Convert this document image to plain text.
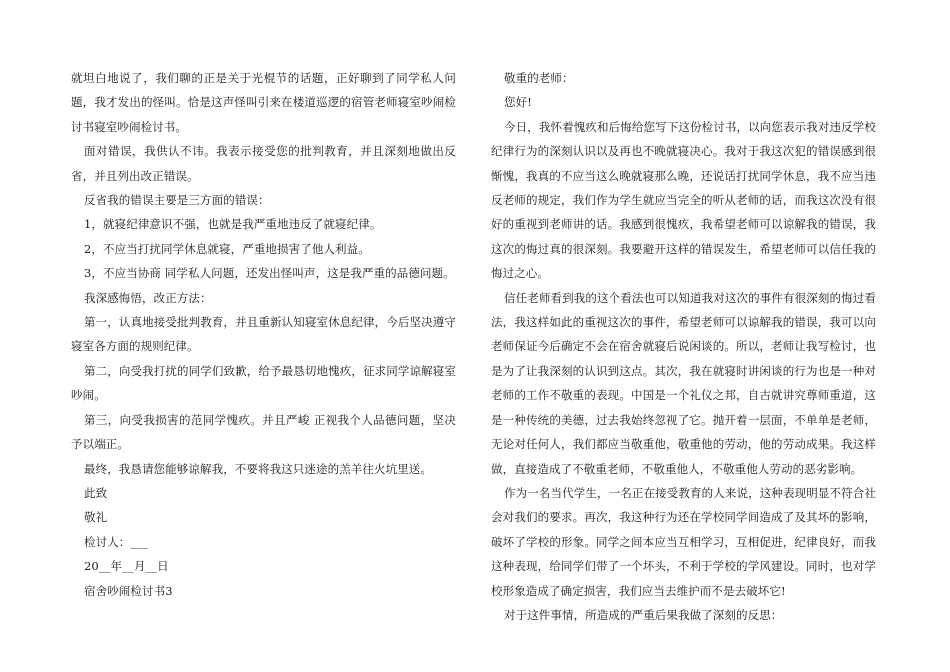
就坦白地说了，我们聊的正是关于光棍节的话题，正好聊到了同学私人问题，我才发出的怪叫。恰是这声怪叫引来在楼道巡逻的宿管老师寝室吵闹检讨书寝室吵闹检讨书。

面对错误，我供认不讳。我表示接受您的批判教育，并且深刻地做出反省，并且列出改正错误。

反省我的错误主要是三方面的错误：

1，就寝纪律意识不强，也就是我严重地违反了就寝纪律。

2，不应当打扰同学休息就寝，严重地损害了他人利益。

3，不应当协商 同学私人问题，还发出怪叫声，这是我严重的品德问题。

我深感悔悟，改正方法：

第一，认真地接受批判教育，并且重新认知寝室休息纪律，今后坚决遵守寝室各方面的规则纪律。

第二，向受我打扰的同学们致歉，给予最恳切地愧疚，征求同学谅解寝室吵闹。

第三，向受我损害的范同学愧疚。并且严峻 正视我个人品德问题，坚决予以端正。

最终，我恳请您能够谅解我，不要将我这只迷途的羔羊往火坑里送。

此致

敬礼

检讨人：___

20__年__月__日

宿舍吵闹检讨书3

敬重的老师：

您好!

今日，我怀着愧疚和后悔给您写下这份检讨书，以向您表示我对违反学校纪律行为的深刻认识以及再也不晚就寝决心。我对于我这次犯的错误感到很惭愧，我真的不应当这么晚就寝那么晚，还说话打扰同学休息，我不应当违反老师的规定，我们作为学生就应当完全的听从老师的话，而我这次没有很好的重视到老师讲的话。我感到很愧疚，我希望老师可以谅解我的错误，我这次的悔过真的很深刻。我要避开这样的错误发生，希望老师可以信任我的悔过之心。

信任老师看到我的这个看法也可以知道我对这次的事件有很深刻的悔过看法，我这样如此的重视这次的事件，希望老师可以谅解我的错误，我可以向老师保证今后确定不会在宿舍就寝后说闲谈的。所以，老师让我写检讨，也是为了让我深刻的认识到这点。其次，我在就寝时讲闲谈的行为也是一种对老师的工作不敬重的表现。中国是一个礼仪之邦，自古就讲究尊师重道，这是一种传统的美德，过去我始终忽视了它。抛开着一层面，不单单是老师，无论对任何人，我们都应当敬重他，敬重他的劳动，他的劳动成果。我这样做，直接造成了不敬重老师，不敬重他人，不敬重他人劳动的恶劣影响。

作为一名当代学生，一名正在接受教育的人来说，这种表现明显不符合社会对我们的要求。再次，我这种行为还在学校同学间造成了及其坏的影响，破坏了学校的形象。同学之间本应当互相学习，互相促进，纪律良好，而我这种表现，给同学们带了一个坏头，不利于学校的学风建设。同时，也对学校形象造成了确定损害，我们应当去维护而不是去破坏它!

对于这件事情，所造成的严重后果我做了深刻的反思：
